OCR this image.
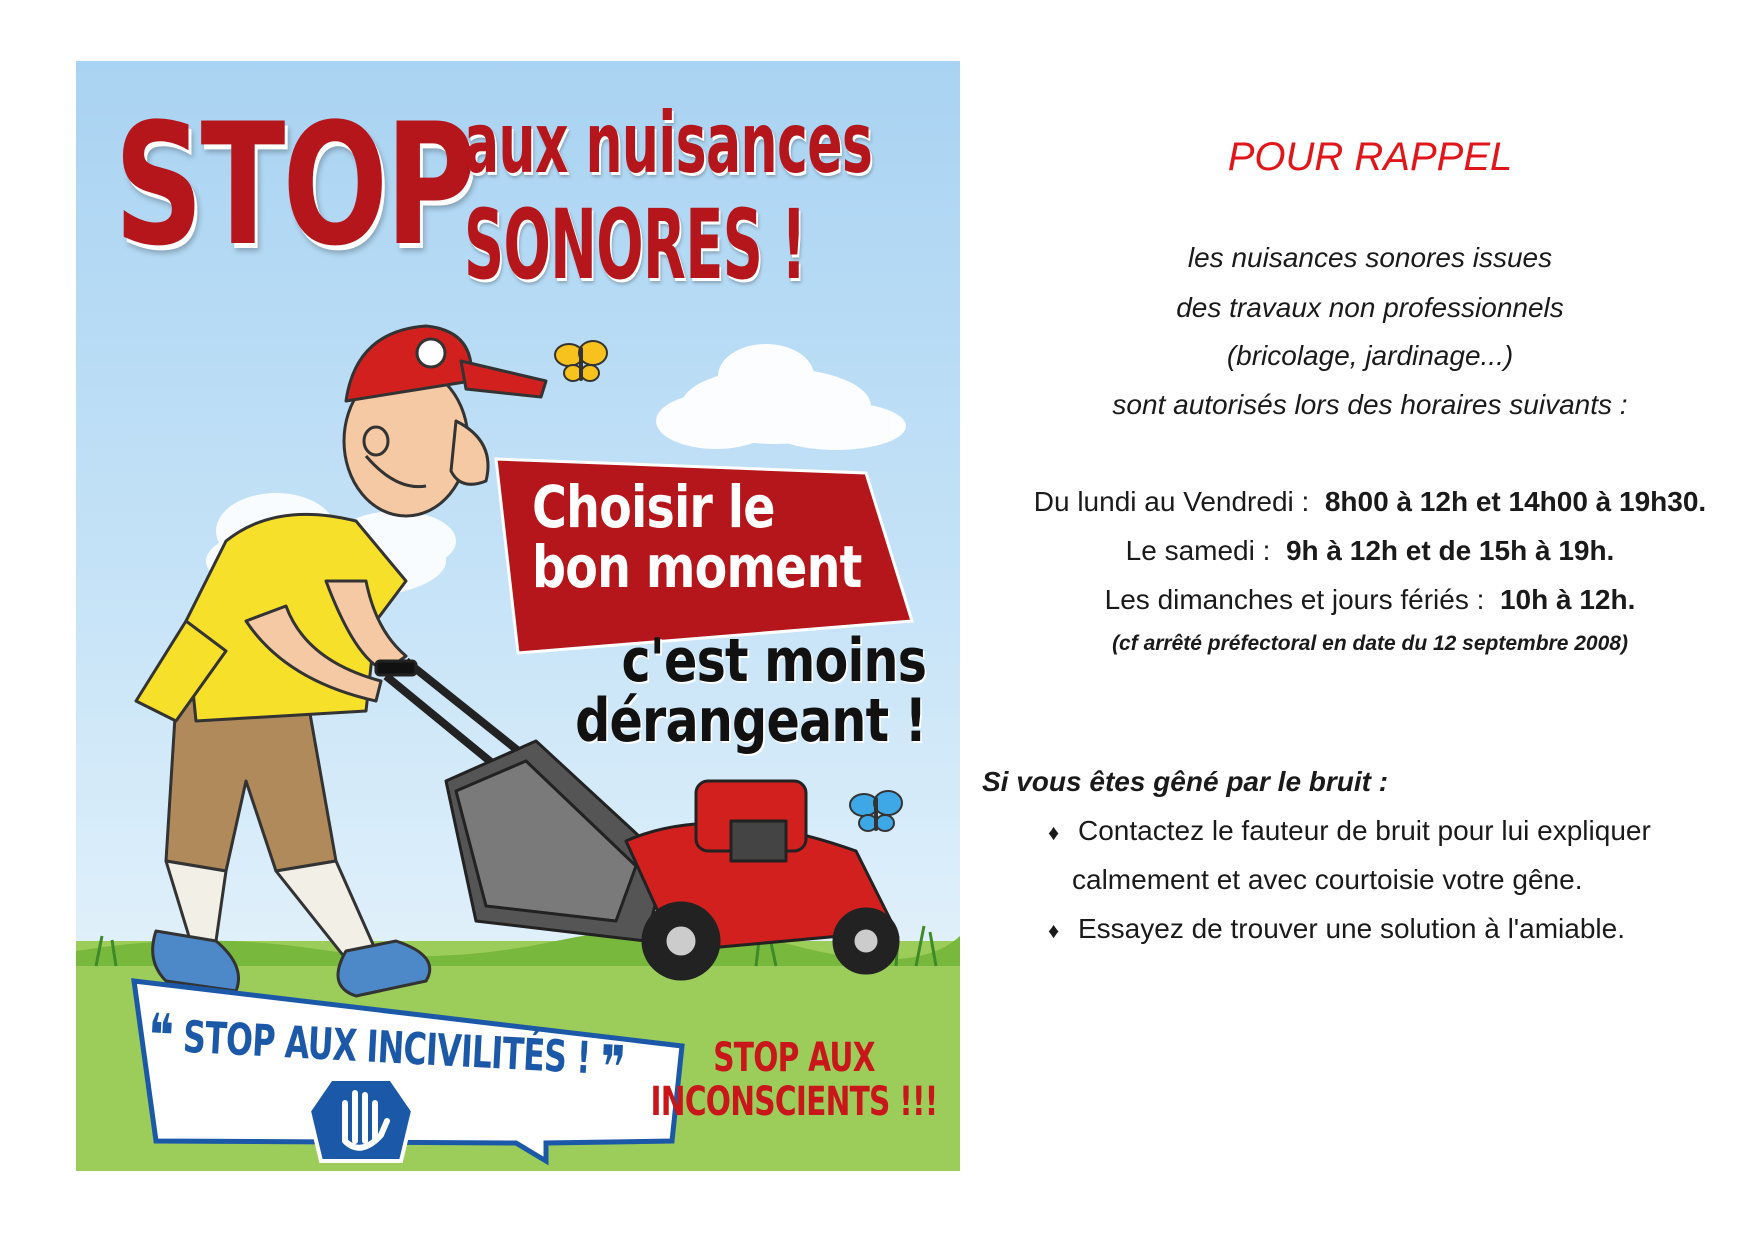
STOP
aux nuisances
SONORES !
Choisir le
bon moment
c'est moins
dérangeant !
❝ STOP AUX INCIVILITÉS ! ❞	STOP AUX
INCONSCIENTS !!!
POUR RAPPEL
les nuisances sonores issues
des travaux non professionnels
(bricolage, jardinage...)
sont autorisés lors des horaires suivants :
Du lundi au Vendredi : 8h00 à 12h et 14h00 à 19h30.
Le samedi : 9h à 12h et de 15h à 19h.
Les dimanches et jours fériés : 10h à 12h.
(cf arrêté préfectoral en date du 12 septembre 2008)
Si vous êtes gêné par le bruit :
♦ Contactez le fauteur de bruit pour lui expliquer
calmement et avec courtoisie votre gêne.
♦ Essayez de trouver une solution à l'amiable.
